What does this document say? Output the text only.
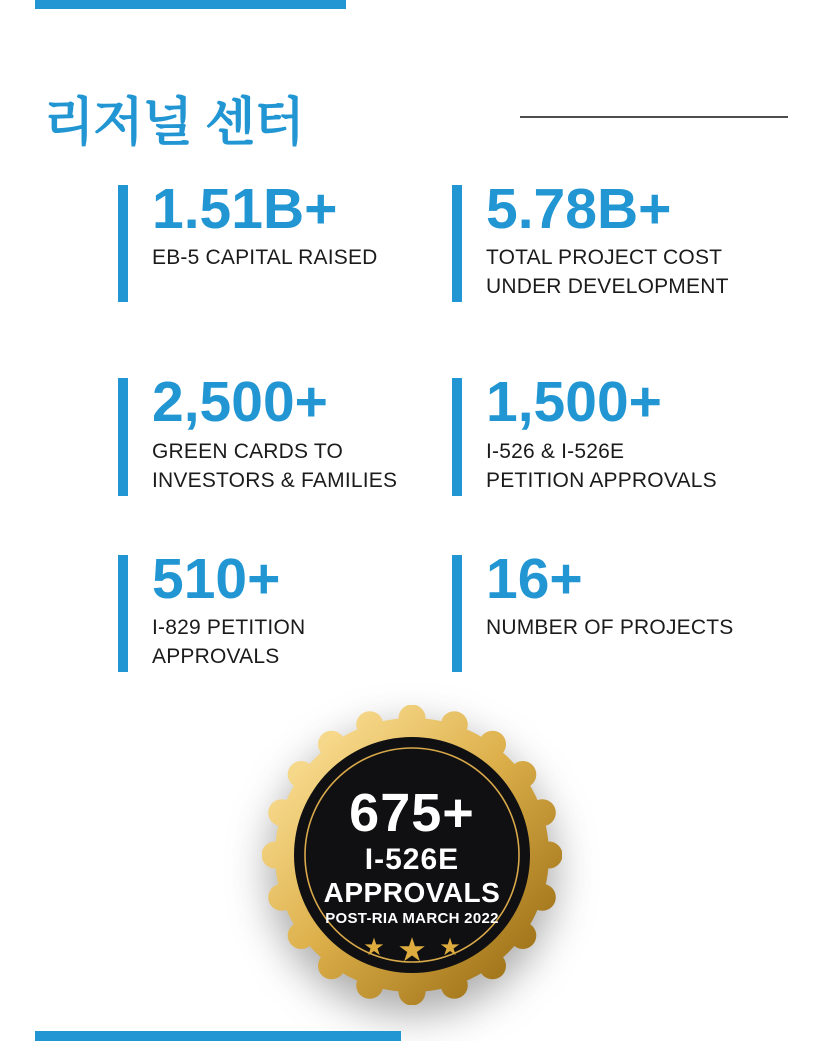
리저널 센터
1.51B+
EB-5 CAPITAL RAISED
5.78B+
TOTAL PROJECT COST
UNDER DEVELOPMENT
2,500+
GREEN CARDS TO
INVESTORS & FAMILIES
1,500+
I-526 & I-526E
PETITION APPROVALS
510+
I-829 PETITION
APPROVALS
16+
NUMBER OF PROJECTS
675+
I-526E
APPROVALS
POST-RIA MARCH 2022
★ ★ ★
